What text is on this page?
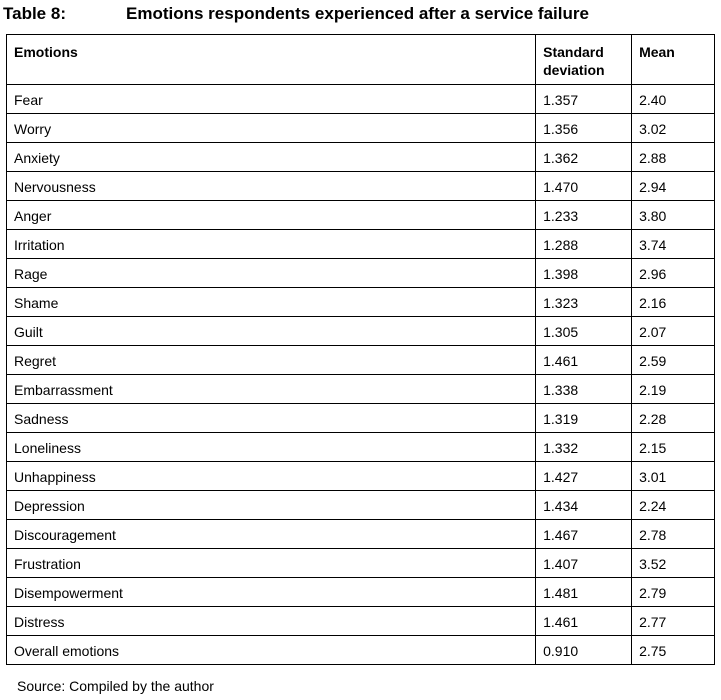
Table 8:	Emotions respondents experienced after a service failure
Emotions	Standard deviation	Mean
Fear	1.357	2.40
Worry	1.356	3.02
Anxiety	1.362	2.88
Nervousness	1.470	2.94
Anger	1.233	3.80
Irritation	1.288	3.74
Rage	1.398	2.96
Shame	1.323	2.16
Guilt	1.305	2.07
Regret	1.461	2.59
Embarrassment	1.338	2.19
Sadness	1.319	2.28
Loneliness	1.332	2.15
Unhappiness	1.427	3.01
Depression	1.434	2.24
Discouragement	1.467	2.78
Frustration	1.407	3.52
Disempowerment	1.481	2.79
Distress	1.461	2.77
Overall emotions	0.910	2.75
Source: Compiled by the author
